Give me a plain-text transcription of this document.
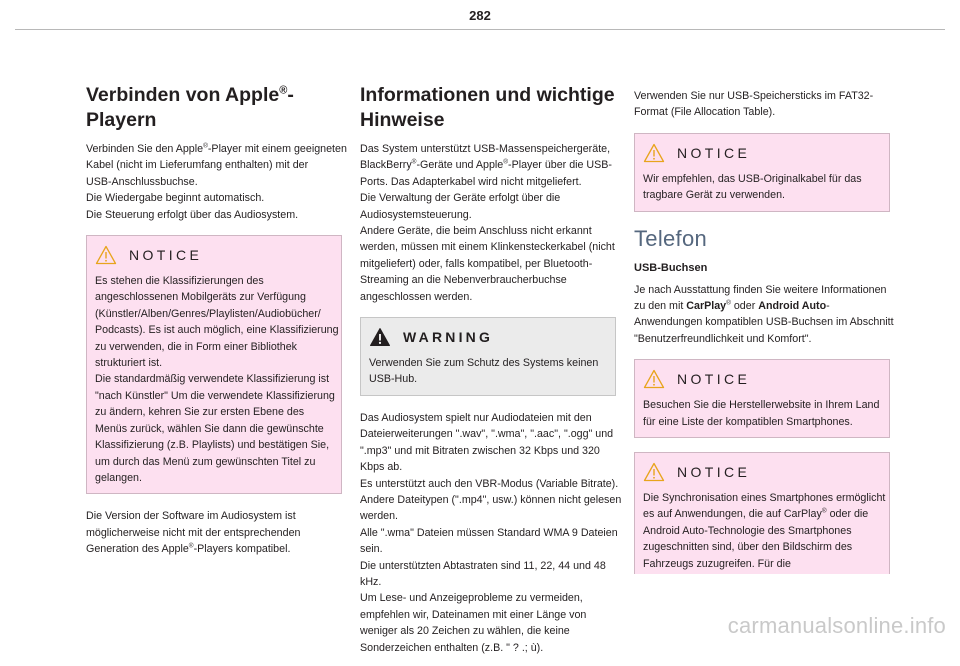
282
Verbinden von Apple®-Playern
Verbinden Sie den Apple®-Player mit einem geeigneten
Kabel (nicht im Lieferumfang enthalten) mit der
USB-Anschlussbuchse.
Die Wiedergabe beginnt automatisch.
Die Steuerung erfolgt über das Audiosystem.
NOTICE
Es stehen die Klassifizierungen des
angeschlossenen Mobilgeräts zur Verfügung
(Künstler/Alben/Genres/Playlisten/Audiobücher/
Podcasts). Es ist auch möglich, eine Klassifizierung
zu verwenden, die in Form einer Bibliothek
strukturiert ist.
Die standardmäßig verwendete Klassifizierung ist
"nach Künstler" Um die verwendete Klassifizierung
zu ändern, kehren Sie zur ersten Ebene des
Menüs zurück, wählen Sie dann die gewünschte
Klassifizierung (z.B. Playlists) und bestätigen Sie,
um durch das Menü zum gewünschten Titel zu
gelangen.
Die Version der Software im Audiosystem ist
möglicherweise nicht mit der entsprechenden
Generation des Apple®-Players kompatibel.
Informationen und wichtige
Hinweise
Das System unterstützt USB-Massenspeichergeräte,
BlackBerry®-Geräte und Apple®-Player über die USB-
Ports. Das Adapterkabel wird nicht mitgeliefert.
Die Verwaltung der Geräte erfolgt über die
Audiosystemsteuerung.
Andere Geräte, die beim Anschluss nicht erkannt
werden, müssen mit einem Klinkensteckerkabel (nicht
mitgeliefert) oder, falls kompatibel, per Bluetooth-
Streaming an die Nebenverbraucherbuchse
angeschlossen werden.
WARNING
Verwenden Sie zum Schutz des Systems keinen
USB-Hub.
Das Audiosystem spielt nur Audiodateien mit den
Dateierweiterungen ".wav", ".wma", ".aac", ".ogg" und
".mp3" und mit Bitraten zwischen 32 Kbps und 320
Kbps ab.
Es unterstützt auch den VBR-Modus (Variable Bitrate).
Andere Dateitypen (".mp4", usw.) können nicht gelesen
werden.
Alle ".wma" Dateien müssen Standard WMA 9 Dateien
sein.
Die unterstützten Abtastraten sind 11, 22, 44 und 48
kHz.
Um Lese- und Anzeigeprobleme zu vermeiden,
empfehlen wir, Dateinamen mit einer Länge von
weniger als 20 Zeichen zu wählen, die keine
Sonderzeichen enthalten (z.B. " ? .; ù).
Verwenden Sie nur USB-Speichersticks im FAT32-
Format (File Allocation Table).
NOTICE
Wir empfehlen, das USB-Originalkabel für das
tragbare Gerät zu verwenden.
Telefon
USB-Buchsen
Je nach Ausstattung finden Sie weitere Informationen
zu den mit CarPlay® oder Android Auto-
Anwendungen kompatiblen USB-Buchsen im Abschnitt
"Benutzerfreundlichkeit und Komfort".
NOTICE
Besuchen Sie die Herstellerwebsite in Ihrem Land
für eine Liste der kompatiblen Smartphones.
NOTICE
Die Synchronisation eines Smartphones ermöglicht
es auf Anwendungen, die auf CarPlay® oder die
Android Auto-Technologie des Smartphones
zugeschnitten sind, über den Bildschirm des
Fahrzeugs zuzugreifen. Für die
carmanualsonline.info
